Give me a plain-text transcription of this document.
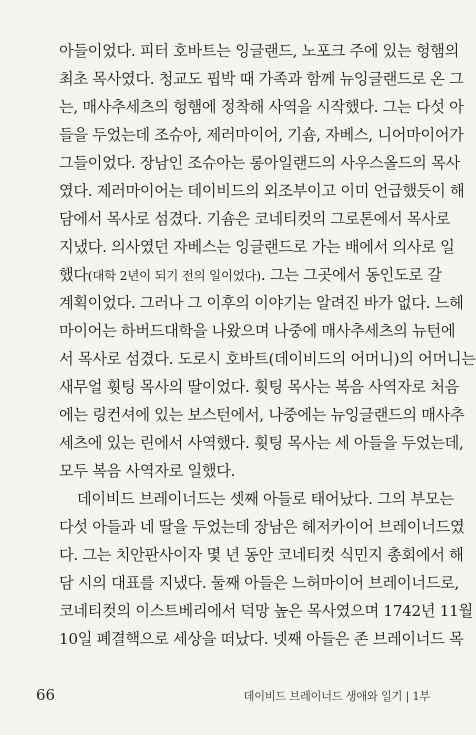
아들이었다. 피터 호바트는 잉글랜드, 노포크 주에 있는 헝햄의
최초 목사였다. 청교도 핍박 때 가족과 함께 뉴잉글랜드로 온 그
는, 매사추세츠의 헝햄에 정착해 사역을 시작했다. 그는 다섯 아
들을 두었는데 조슈아, 제러마이어, 기숌, 자베스, 니어마이어가
그들이었다. 장남인 조슈아는 롱아일랜드의 사우스올드의 목사
였다. 제러마이어는 데이비드의 외조부이고 이미 언급했듯이 해
담에서 목사로 섬겼다. 기숌은 코네티컷의 그로톤에서 목사로
지냈다. 의사였던 자베스는 잉글랜드로 가는 배에서 의사로 일
했다(대학 2년이 되기 전의 일이었다). 그는 그곳에서 동인도로 갈
계획이었다. 그러나 그 이후의 이야기는 알려진 바가 없다. 느헤
마이어는 하버드대학을 나왔으며 나중에 매사추세츠의 뉴턴에
서 목사로 섬겼다. 도로시 호바트(데이비드의 어머니)의 어머니는
새무얼 휫팅 목사의 딸이었다. 휫팅 목사는 복음 사역자로 처음
에는 링컨셔에 있는 보스턴에서, 나중에는 뉴잉글랜드의 매사추
세츠에 있는 린에서 사역했다. 휫팅 목사는 세 아들을 두었는데,
모두 복음 사역자로 일했다.
데이비드 브레이너드는 셋째 아들로 태어났다. 그의 부모는
다섯 아들과 네 딸을 두었는데 장남은 헤저카이어 브레이너드였
다. 그는 치안판사이자 몇 년 동안 코네티컷 식민지 총회에서 해
담 시의 대표를 지냈다. 둘째 아들은 느허마이어 브레이너드로,
코네티컷의 이스트베리에서 덕망 높은 목사였으며 1742년 11월
10일 폐결핵으로 세상을 떠났다. 넷째 아들은 존 브레이너드 목
66	데이비드 브레이너드 생애와 일기 | 1부
